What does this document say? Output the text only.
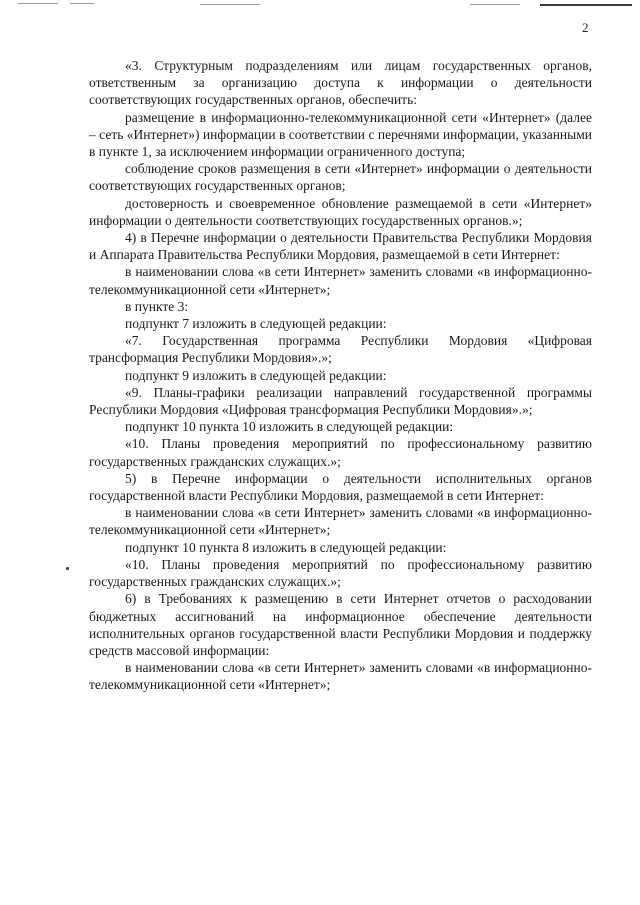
2

«3. Структурным подразделениям или лицам государственных органов, ответственным за организацию доступа к информации о деятельности соответствующих государственных органов, обеспечить:

размещение в информационно-телекоммуникационной сети «Интернет» (далее – сеть «Интернет») информации в соответствии с перечнями информации, указанными в пункте 1, за исключением информации ограниченного доступа;

соблюдение сроков размещения в сети «Интернет» информации о деятельности соответствующих государственных органов;

достоверность и своевременное обновление размещаемой в сети «Интернет» информации о деятельности соответствующих государственных органов.»;

4) в Перечне информации о деятельности Правительства Республики Мордовия и Аппарата Правительства Республики Мордовия, размещаемой в сети Интернет:

в наименовании слова «в сети Интернет» заменить словами «в информационно-телекоммуникационной сети «Интернет»;

в пункте 3:

подпункт 7 изложить в следующей редакции:

«7. Государственная программа Республики Мордовия «Цифровая трансформация Республики Мордовия».»;

подпункт 9 изложить в следующей редакции:

«9. Планы-графики реализации направлений государственной программы Республики Мордовия «Цифровая трансформация Республики Мордовия».»;

подпункт 10 пункта 10 изложить в следующей редакции:

«10. Планы проведения мероприятий по профессиональному развитию государственных гражданских служащих.»;

5) в Перечне информации о деятельности исполнительных органов государственной власти Республики Мордовия, размещаемой в сети Интернет:

в наименовании слова «в сети Интернет» заменить словами «в информационно-телекоммуникационной сети «Интернет»;

подпункт 10 пункта 8 изложить в следующей редакции:

«10. Планы проведения мероприятий по профессиональному развитию государственных гражданских служащих.»;

6) в Требованиях к размещению в сети Интернет отчетов о расходовании бюджетных ассигнований на информационное обеспечение деятельности исполнительных органов государственной власти Республики Мордовия и поддержку средств массовой информации:

в наименовании слова «в сети Интернет» заменить словами «в информационно-телекоммуникационной сети «Интернет»;
